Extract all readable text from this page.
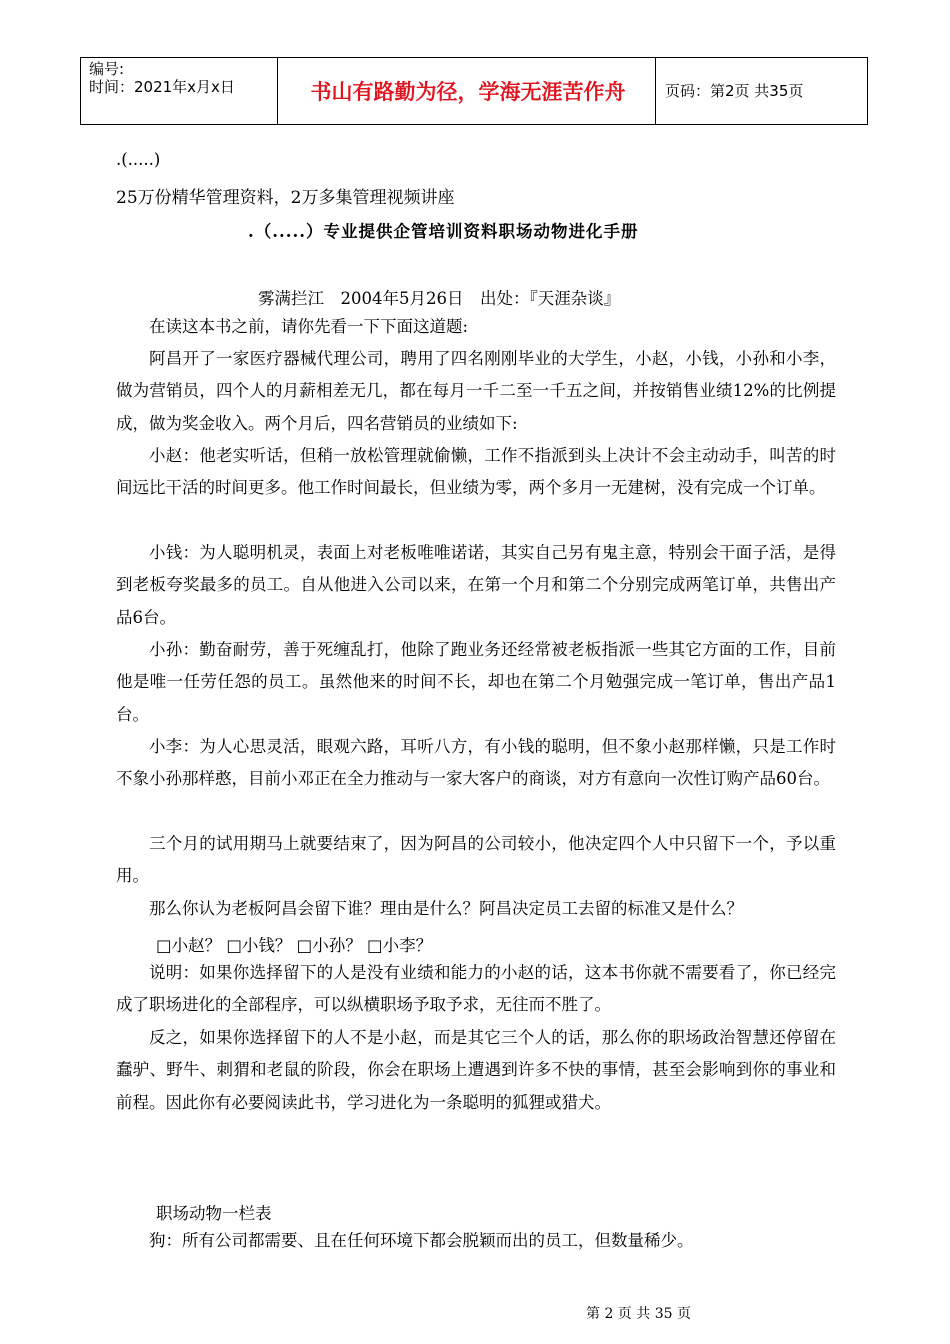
编号:
时间：2021年x月x日	书山有路勤为径，学海无涯苦作舟	页码：第2页 共35页
.(.....)
25万份精华管理资料，2万多集管理视频讲座
.（.....）专业提供企管培训资料职场动物进化手册
雾满拦江　2004年5月26日　出处：『天涯杂谈』

在读这本书之前，请你先看一下下面这道题:

阿昌开了一家医疗器械代理公司，聘用了四名刚刚毕业的大学生，小赵，小钱，小孙和小李，做为营销员，四个人的月薪相差无几，都在每月一千二至一千五之间，并按销售业绩12%的比例提成，做为奖金收入。两个月后，四名营销员的业绩如下:

小赵：他老实听话，但稍一放松管理就偷懒，工作不指派到头上决计不会主动动手，叫苦的时间远比干活的时间更多。他工作时间最长，但业绩为零，两个多月一无建树，没有完成一个订单。

小钱：为人聪明机灵，表面上对老板唯唯诺诺，其实自己另有鬼主意，特别会干面子活，是得到老板夸奖最多的员工。自从他进入公司以来，在第一个月和第二个分别完成两笔订单，共售出产品6台。

小孙：勤奋耐劳，善于死缠乱打，他除了跑业务还经常被老板指派一些其它方面的工作，目前他是唯一任劳任怨的员工。虽然他来的时间不长，却也在第二个月勉强完成一笔订单，售出产品1台。

小李：为人心思灵活，眼观六路，耳听八方，有小钱的聪明，但不象小赵那样懒，只是工作时不象小孙那样憨，目前小邓正在全力推动与一家大客户的商谈，对方有意向一次性订购产品60台。

三个月的试用期马上就要结束了，因为阿昌的公司较小，他决定四个人中只留下一个，予以重用。

那么你认为老板阿昌会留下谁？理由是什么？阿昌决定员工去留的标准又是什么？

□小赵？ □小钱？ □小孙？ □小李？

说明：如果你选择留下的人是没有业绩和能力的小赵的话，这本书你就不需要看了，你已经完成了职场进化的全部程序，可以纵横职场予取予求，无往而不胜了。

反之，如果你选择留下的人不是小赵，而是其它三个人的话，那么你的职场政治智慧还停留在蠢驴、野牛、刺猬和老鼠的阶段，你会在职场上遭遇到许多不快的事情，甚至会影响到你的事业和前程。因此你有必要阅读此书，学习进化为一条聪明的狐狸或猎犬。

职场动物一栏表

狗：所有公司都需要、且在任何环境下都会脱颖而出的员工，但数量稀少。

第 2 页 共 35 页
